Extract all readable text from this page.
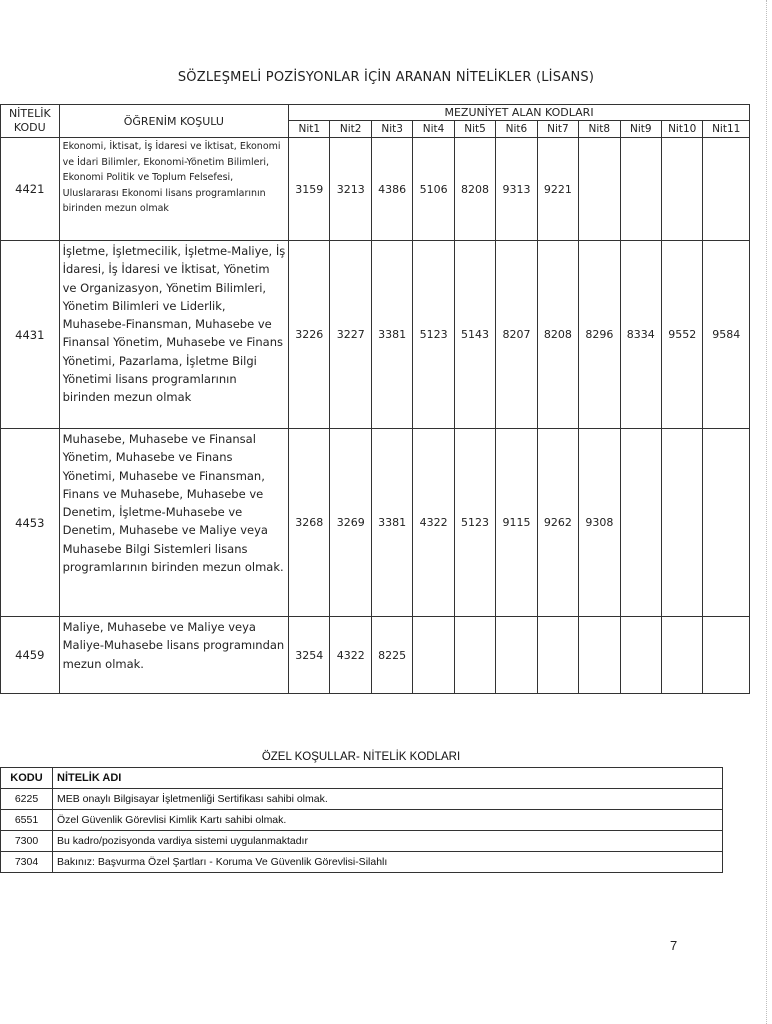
SÖZLEŞMELİ POZİSYONLAR İÇİN ARANAN NİTELİKLER (LİSANS)
NİTELİK KODU	ÖĞRENİM KOŞULU	MEZUNİYET ALAN KODLARI										
		Nit1	Nit2	Nit3	Nit4	Nit5	Nit6	Nit7	Nit8	Nit9	Nit10	Nit11
4421	Ekonomi, İktisat, İş İdaresi ve İktisat, Ekonomi ve İdari Bilimler, Ekonomi-Yönetim Bilimleri, Ekonomi Politik ve Toplum Felsefesi, Uluslararası Ekonomi lisans programlarının birinden mezun olmak	3159	3213	4386	5106	8208	9313	9221				
4431	İşletme, İşletmecilik, İşletme-Maliye, İş İdaresi, İş İdaresi ve İktisat, Yönetim ve Organizasyon, Yönetim Bilimleri, Yönetim Bilimleri ve Liderlik, Muhasebe-Finansman, Muhasebe ve Finansal Yönetim, Muhasebe ve Finans Yönetimi, Pazarlama, İşletme Bilgi Yönetimi lisans programlarının birinden mezun olmak	3226	3227	3381	5123	5143	8207	8208	8296	8334	9552	9584
4453	Muhasebe, Muhasebe ve Finansal Yönetim, Muhasebe ve Finans Yönetimi, Muhasebe ve Finansman, Finans ve Muhasebe, Muhasebe ve Denetim, İşletme-Muhasebe ve Denetim, Muhasebe ve Maliye veya Muhasebe Bilgi Sistemleri lisans programlarının birinden mezun olmak.	3268	3269	3381	4322	5123	9115	9262	9308			
4459	Maliye, Muhasebe ve Maliye veya Maliye-Muhasebe lisans programından mezun olmak.	3254	4322	8225								
ÖZEL KOŞULLAR- NİTELİK KODLARI
KODU	NİTELİK ADI
6225	MEB onaylı Bilgisayar İşletmenliği Sertifikası sahibi olmak.
6551	Özel Güvenlik Görevlisi Kimlik Kartı sahibi olmak.
7300	Bu kadro/pozisyonda vardiya sistemi uygulanmaktadır
7304	Bakınız: Başvurma Özel Şartları - Koruma Ve Güvenlik Görevlisi-Silahlı
7
